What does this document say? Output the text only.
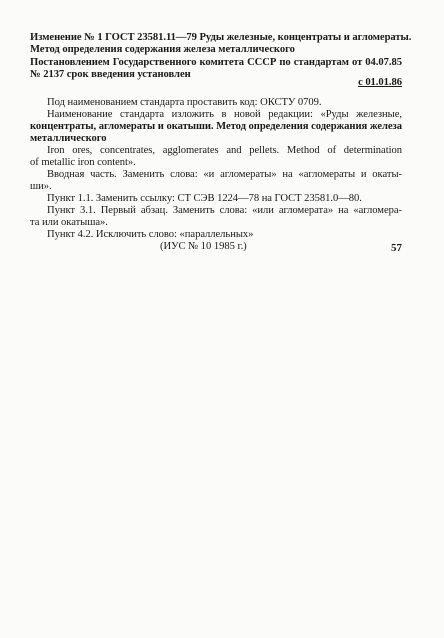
Изменение № 1 ГОСТ 23581.11—79 Руды железные, концентраты и агломераты.
Метод определения содержания железа металлического
Постановлением Государственного комитета СССР по стандартам от 04.07.85
№ 2137 срок введения установлен
с 01.01.86
Под наименованием стандарта проставить код: ОКСТУ 0709.
Наименование стандарта изложить в новой редакции: «Руды железные,
концентраты, агломераты и окатыши. Метод определения содержания железа
металлического
Iron ores, concentrates, agglomerates and pellets. Method of determination
of metallic iron content».
Вводная часть. Заменить слова: «и агломераты» на «агломераты и окаты-
ши».
Пункт 1.1. Заменить ссылку: СТ СЭВ 1224—78 на ГОСТ 23581.0—80.
Пункт 3.1. Первый абзац. Заменить слова: «или агломерата» на «агломера-
та или окатыша».
Пункт 4.2. Исключить слово: «параллельных»
(ИУС № 10 1985 г.)	57
